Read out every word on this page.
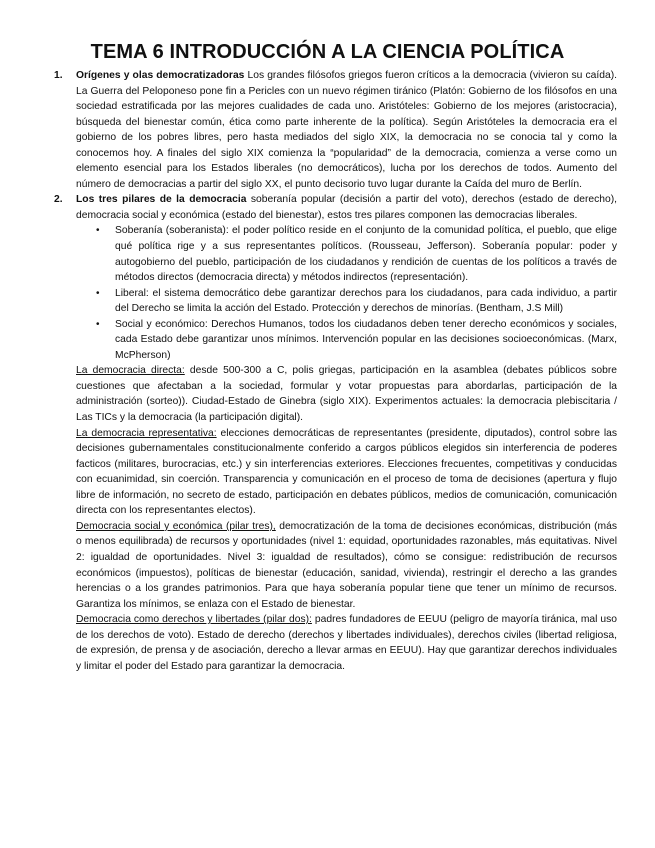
TEMA 6 INTRODUCCIÓN A LA CIENCIA POLÍTICA

1. Orígenes y olas democratizadoras Los grandes filósofos griegos fueron críticos a la democracia (vivieron su caída). La Guerra del Peloponeso pone fin a Pericles con un nuevo régimen tiránico (Platón: Gobierno de los filósofos en una sociedad estratificada por las mejores cualidades de cada uno. Aristóteles: Gobierno de los mejores (aristocracia), búsqueda del bienestar común, ética como parte inherente de la política). Según Aristóteles la democracia era el gobierno de los pobres libres, pero hasta mediados del siglo XIX, la democracia no se conocia tal y como la conocemos hoy. A finales del siglo XIX comienza la “popularidad” de la democracia, comienza a verse como un elemento esencial para los Estados liberales (no democráticos), lucha por los derechos de todos. Aumento del número de democracias a partir del siglo XX, el punto decisorio tuvo lugar durante la Caída del muro de Berlín.

2. Los tres pilares de la democracia soberanía popular (decisión a partir del voto), derechos (estado de derecho), democracia social y económica (estado del bienestar), estos tres pilares componen las democracias liberales.

• Soberanía (soberanista): el poder político reside en el conjunto de la comunidad política, el pueblo, que elige qué política rige y a sus representantes políticos. (Rousseau, Jefferson). Soberanía popular: poder y autogobierno del pueblo, participación de los ciudadanos y rendición de cuentas de los políticos a través de métodos directos (democracia directa) y métodos indirectos (representación).
• Liberal: el sistema democrático debe garantizar derechos para los ciudadanos, para cada individuo, a partir del Derecho se limita la acción del Estado. Protección y derechos de minorías. (Bentham, J.S Mill)
• Social y económico: Derechos Humanos, todos los ciudadanos deben tener derecho económicos y sociales, cada Estado debe garantizar unos mínimos. Intervención popular en las decisiones socioeconómicas. (Marx, McPherson)

La democracia directa: desde 500-300 a C, polis griegas, participación en la asamblea (debates públicos sobre cuestiones que afectaban a la sociedad, formular y votar propuestas para abordarlas, participación de la administración (sorteo)). Ciudad-Estado de Ginebra (siglo XIX). Experimentos actuales: la democracia plebiscitaria / Las TICs y la democracia (la participación digital).

La democracia representativa: elecciones democráticas de representantes (presidente, diputados), control sobre las decisiones gubernamentales constitucionalmente conferido a cargos públicos elegidos sin interferencia de poderes facticos (militares, burocracias, etc.) y sin interferencias exteriores. Elecciones frecuentes, competitivas y conducidas con ecuanimidad, sin coerción. Transparencia y comunicación en el proceso de toma de decisiones (apertura y flujo libre de información, no secreto de estado, participación en debates públicos, medios de comunicación, comunicación directa con los representantes electos).

Democracia social y económica (pilar tres), democratización de la toma de decisiones económicas, distribución (más o menos equilibrada) de recursos y oportunidades (nivel 1: equidad, oportunidades razonables, más equitativas. Nivel 2: igualdad de oportunidades. Nivel 3: igualdad de resultados), cómo se consigue: redistribución de recursos económicos (impuestos), políticas de bienestar (educación, sanidad, vivienda), restringir el derecho a las grandes herencias o a los grandes patrimonios. Para que haya soberanía popular tiene que tener un mínimo de recursos. Garantiza los mínimos, se enlaza con el Estado de bienestar.

Democracia como derechos y libertades (pilar dos): padres fundadores de EEUU (peligro de mayoría tiránica, mal uso de los derechos de voto). Estado de derecho (derechos y libertades individuales), derechos civiles (libertad religiosa, de expresión, de prensa y de asociación, derecho a llevar armas en EEUU). Hay que garantizar derechos individuales y limitar el poder del Estado para garantizar la democracia.
